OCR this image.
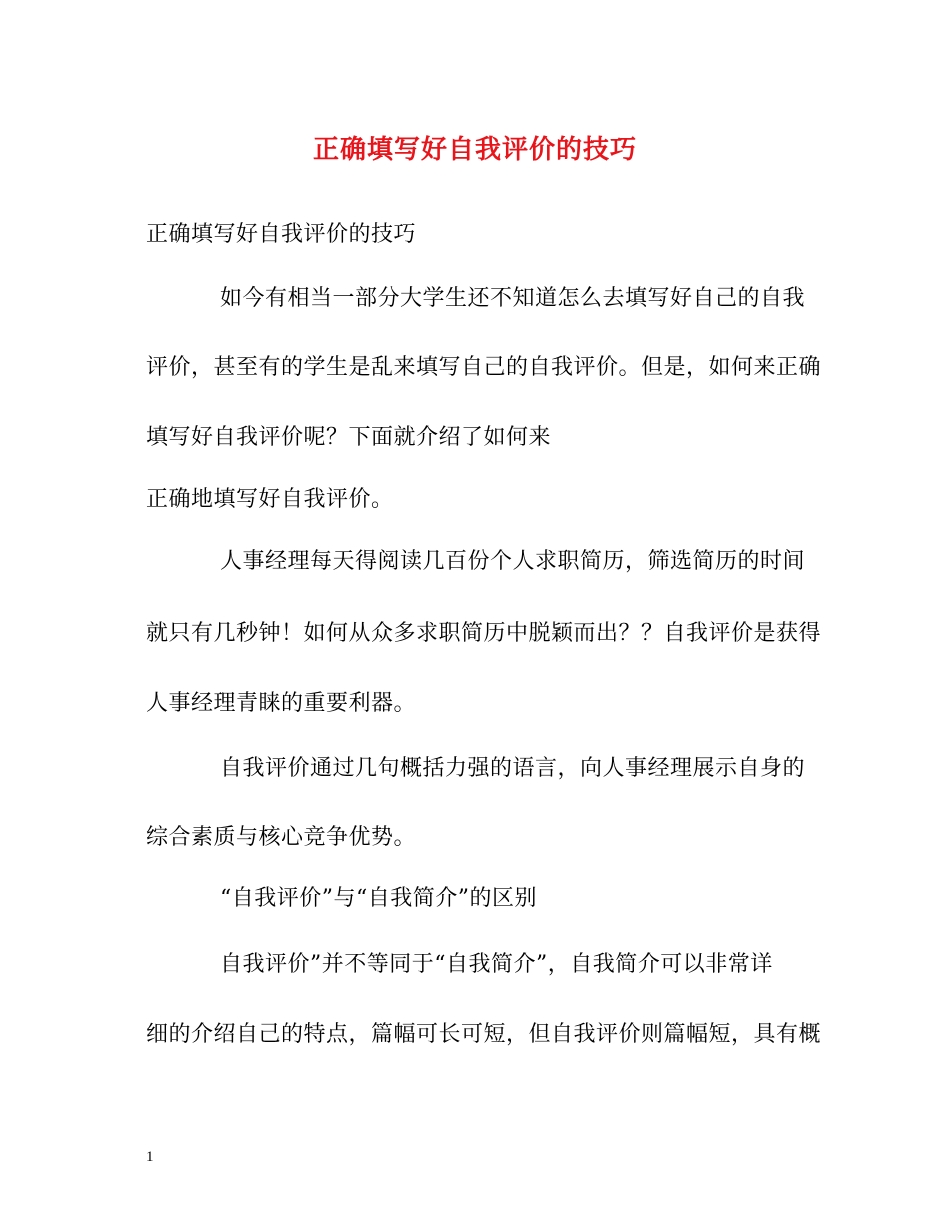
正确填写好自我评价的技巧
正确填写好自我评价的技巧
如今有相当一部分大学生还不知道怎么去填写好自己的自我
评价，甚至有的学生是乱来填写自己的自我评价。但是，如何来正确
填写好自我评价呢？下面就介绍了如何来
正确地填写好自我评价。
人事经理每天得阅读几百份个人求职简历，筛选简历的时间
就只有几秒钟！如何从众多求职简历中脱颖而出？？自我评价是获得
人事经理青睐的重要利器。
自我评价通过几句概括力强的语言，向人事经理展示自身的
综合素质与核心竞争优势。
“自我评价”与“自我简介”的区别
自我评价”并不等同于“自我简介”，自我简介可以非常详
细的介绍自己的特点，篇幅可长可短，但自我评价则篇幅短，具有概
1
